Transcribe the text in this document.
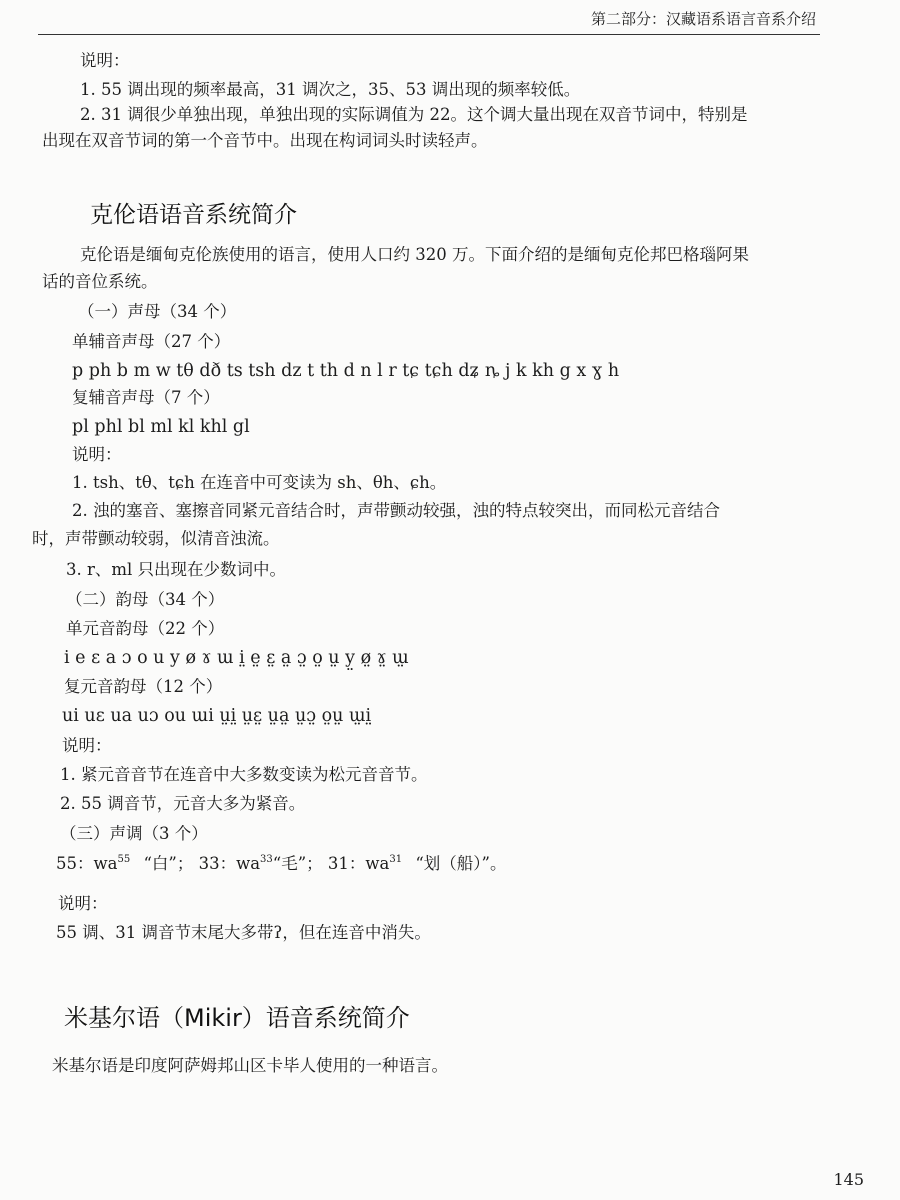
第二部分：汉藏语系语言音系介绍
说明：
1. 55 调出现的频率最高，31 调次之，35、53 调出现的频率较低。
2. 31 调很少单独出现，单独出现的实际调值为 22。这个调大量出现在双音节词中，特别是
出现在双音节词的第一个音节中。出现在构词词头时读轻声。
克伦语语音系统简介
克伦语是缅甸克伦族使用的语言，使用人口约 320 万。下面介绍的是缅甸克伦邦巴格瑙阿果
话的音位系统。
（一）声母（34 个）
单辅音声母（27 个）
p ph b m w tθ dð ts tsh dz t th d n l r tɕ tɕh dʑ ȵ j k kh g x ɣ h
复辅音声母（7 个）
pl phl bl ml kl khl gl
说明：
1. tsh、tθ、tɕh 在连音中可变读为 sh、θh、ɕh。
2. 浊的塞音、塞擦音同紧元音结合时，声带颤动较强，浊的特点较突出，而同松元音结合
时，声带颤动较弱，似清音浊流。
3. r、ml 只出现在少数词中。
（二）韵母（34 个）
单元音韵母（22 个）
i e ɛ a ɔ o u y ø ɤ ɯ i̤ e̤ ɛ̤ a̤ ɔ̤ o̤ ṳ y̤ ø̤ ɤ̤ ɯ̤
复元音韵母（12 个）
ui uɛ ua uɔ ou ɯi ṳi̤ ṳɛ̤ ṳa̤ ṳɔ̤ o̤ṳ ɯ̤i̤
说明：
1. 紧元音音节在连音中大多数变读为松元音音节。
2. 55 调音节，元音大多为紧音。
（三）声调（3 个）
55：$wa^{55}$ “白”； 33：$wa^{33}“$毛”； 31：$wa^{31}$ “划（船）”。
说明：
55 调、31 调音节末尾大多带ʔ，但在连音中消失。
米基尔语（Mikir）语音系统简介
米基尔语是印度阿萨姆邦山区卡毕人使用的一种语言。
145
